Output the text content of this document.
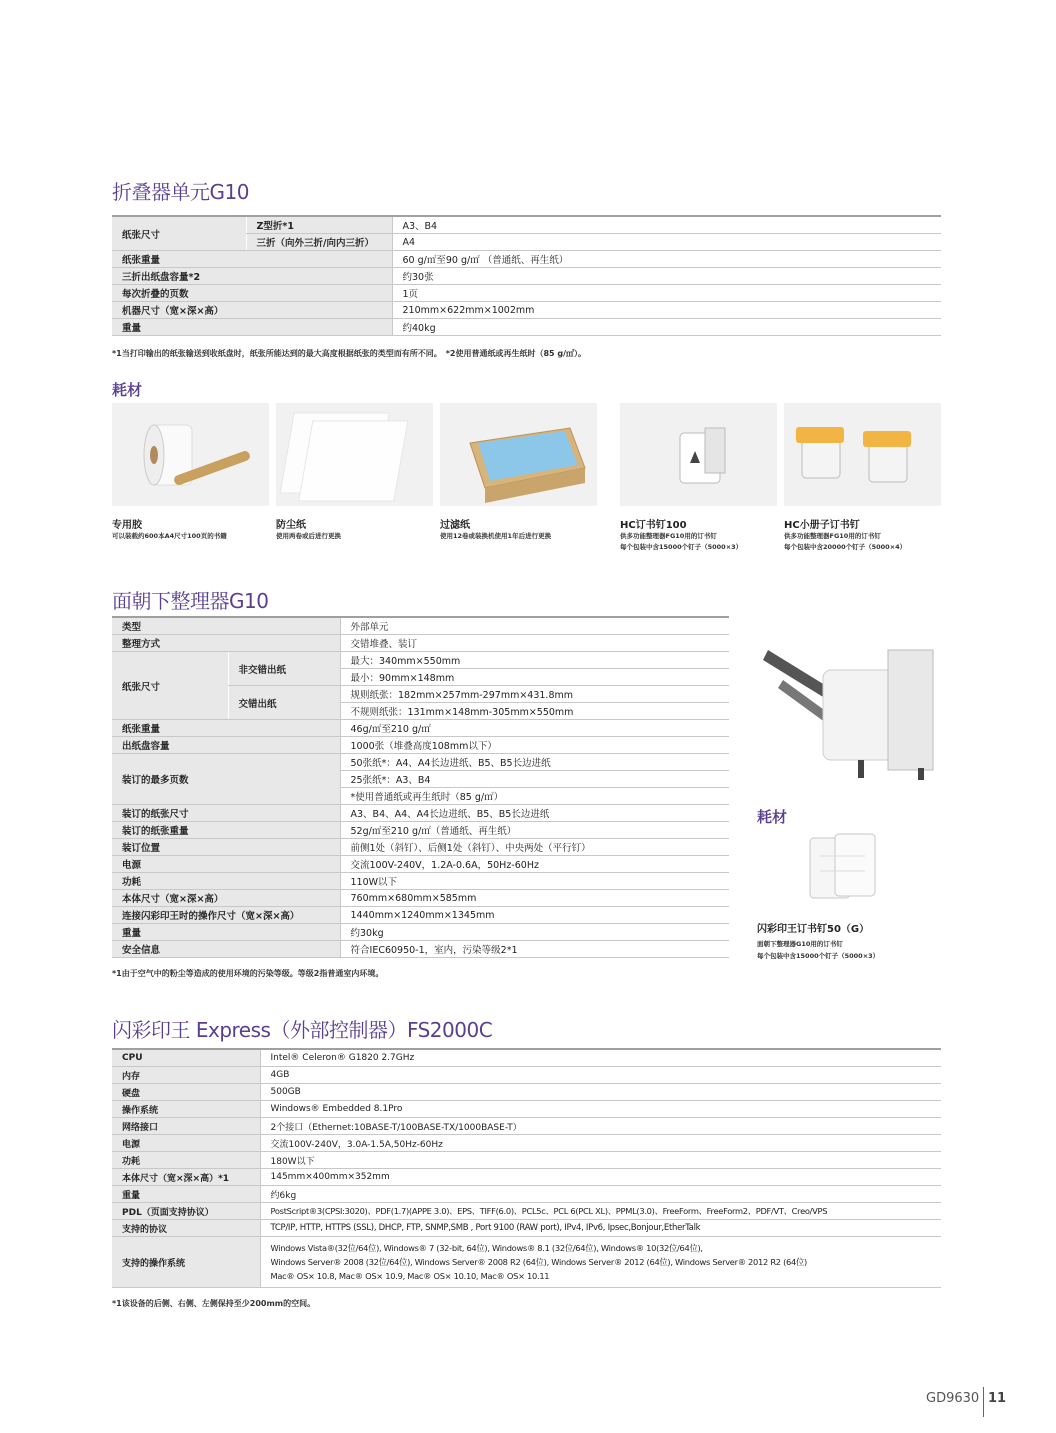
折叠器单元G10
纸张尺寸	Z型折*1	A3、B4
	三折（向外三折/向内三折）	A4
纸张重量		60 g/㎡至90 g/㎡ （普通纸、再生纸）
三折出纸盘容量*2		约30张
每次折叠的页数		1页
机器尺寸（宽×深×高）		210mm×622mm×1002mm
重量		约40kg
*1当打印输出的纸张输送到收纸盘时，纸张所能达到的最大高度根据纸张的类型而有所不同。　*2使用普通纸或再生纸时（85 g/㎡）。
耗材
专用胶
可以装载约600本A4尺寸100页的书籍
防尘纸
使用两卷或后进行更换
过滤纸
使用12卷或装换机使用1年后进行更换
HC订书钉100
供多功能整理器FG10用的订书钉
每个包装中含15000个钉子（5000×3）
HC小册子订书钉
供多功能整理器FG10用的订书钉
每个包装中含20000个钉子（5000×4）
面朝下整理器G10
类型		外部单元
整理方式		交错堆叠、装订
纸张尺寸	非交错出纸	最大：340mm×550mm
		最小：90mm×148mm
	交错出纸	规则纸张：182mm×257mm-297mm×431.8mm
		不规则纸张：131mm×148mm-305mm×550mm
纸张重量		46g/㎡至210 g/㎡
出纸盘容量		1000张（堆叠高度108mm以下）
装订的最多页数		50张纸*：A4、A4长边进纸、B5、B5长边进纸
		25张纸*：A3、B4
		*使用普通纸或再生纸时（85 g/㎡）
装订的纸张尺寸		A3、B4、A4、A4长边进纸、B5、B5长边进纸
装订的纸张重量		52g/㎡至210 g/㎡（普通纸、再生纸）
装订位置		前侧1处（斜钉）、后侧1处（斜钉）、中央两处（平行钉）
电源		交流100V-240V，1.2A-0.6A，50Hz-60Hz
功耗		110W以下
本体尺寸（宽×深×高）		760mm×680mm×585mm
连接闪彩印王时的操作尺寸（宽×深×高）		1440mm×1240mm×1345mm
重量		约30kg
安全信息		符合IEC60950-1，室内，污染等级2*1
*1由于空气中的粉尘等造成的使用环境的污染等级。等级2指普通室内环境。
耗材
闪彩印王订书钉50（G）
面朝下整理器G10用的订书钉
每个包装中含15000个钉子（5000×3）
闪彩印王 Express（外部控制器）FS2000C
CPU	Intel® Celeron® G1820 2.7GHz
内存	4GB
硬盘	500GB
操作系统	Windows® Embedded 8.1Pro
网络接口	2个接口（Ethernet:10BASE-T/100BASE-TX/1000BASE-T）
电源	交流100V-240V，3.0A-1.5A,50Hz-60Hz
功耗	180W以下
本体尺寸（宽×深×高）*1	145mm×400mm×352mm
重量	约6kg
PDL（页面支持协议）	PostScript®3(CPSI:3020)、PDF(1.7)(APPE 3.0)、EPS、TIFF(6.0)、PCL5c、PCL 6(PCL XL)、PPML(3.0)、FreeForm、FreeForm2、PDF/VT、Creo/VPS
支持的协议	TCP/IP, HTTP, HTTPS (SSL), DHCP, FTP, SNMP,SMB , Port 9100 (RAW port), IPv4, IPv6, Ipsec,Bonjour,EtherTalk
支持的操作系统	Windows Vista®(32位/64位), Windows® 7 (32-bit, 64位), Windows® 8.1 (32位/64位), Windows® 10(32位/64位),
Windows Server® 2008 (32位/64位), Windows Server® 2008 R2 (64位), Windows Server® 2012 (64位), Windows Server® 2012 R2 (64位)
Mac® OS× 10.8, Mac® OS× 10.9, Mac® OS× 10.10, Mac® OS× 10.11
*1该设备的后侧、右侧、左侧保持至少200mm的空间。
GD9630 11
